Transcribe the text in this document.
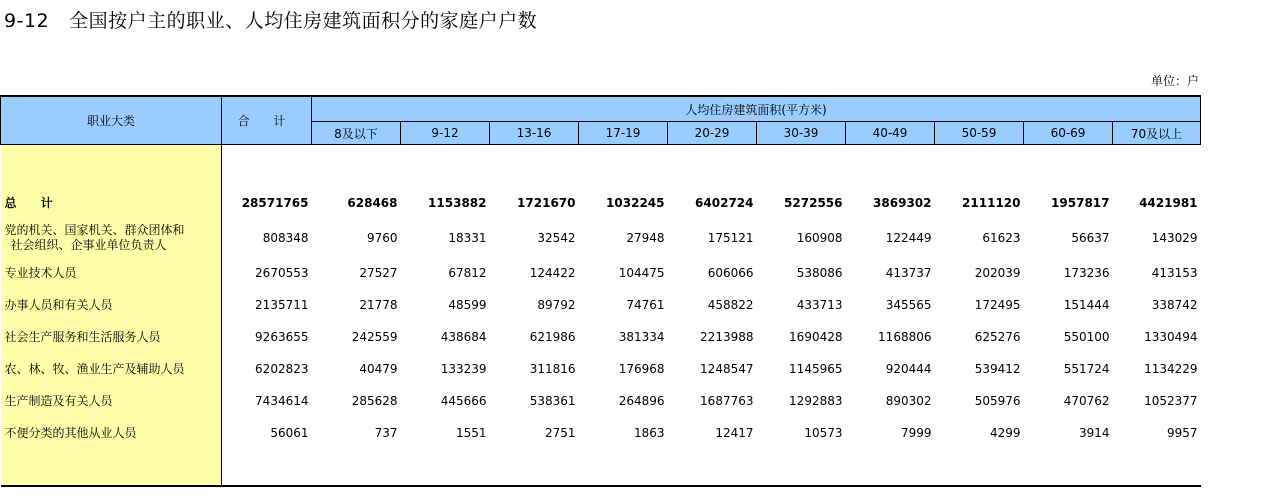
9-12 全国按户主的职业、人均住房建筑面积分的家庭户户数
单位：户
职业大类	合 计	人均住房建筑面积(平方米)									
		8及以下	9-12	13-16	17-19	20-29	30-39	40-49	50-59	60-69	70及以上

总 计	28571765	628468	1153882	1721670	1032245	6402724	5272556	3869302	2111120	1957817	4421981

党的机关、国家机关、群众团体和
社会组织、企事业单位负责人	808348	9760	18331	32542	27948	175121	160908	122449	61623	56637	143029
专业技术人员	2670553	27527	67812	124422	104475	606066	538086	413737	202039	173236	413153
办事人员和有关人员	2135711	21778	48599	89792	74761	458822	433713	345565	172495	151444	338742
社会生产服务和生活服务人员	9263655	242559	438684	621986	381334	2213988	1690428	1168806	625276	550100	1330494
农、林、牧、渔业生产及辅助人员	6202823	40479	133239	311816	176968	1248547	1145965	920444	539412	551724	1134229
生产制造及有关人员	7434614	285628	445666	538361	264896	1687763	1292883	890302	505976	470762	1052377
不便分类的其他从业人员	56061	737	1551	2751	1863	12417	10573	7999	4299	3914	9957
